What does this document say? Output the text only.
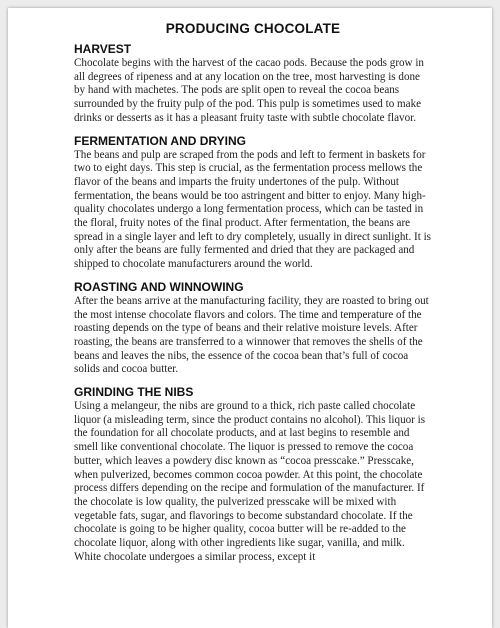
PRODUCING CHOCOLATE
HARVEST
Chocolate begins with the harvest of the cacao pods. Because the pods grow in all degrees of ripeness and at any location on the tree, most harvesting is done by hand with machetes. The pods are split open to reveal the cocoa beans surrounded by the fruity pulp of the pod. This pulp is sometimes used to make drinks or desserts as it has a pleasant fruity taste with subtle chocolate flavor.
FERMENTATION AND DRYING
The beans and pulp are scraped from the pods and left to ferment in baskets for two to eight days. This step is crucial, as the fermentation process mellows the flavor of the beans and imparts the fruity undertones of the pulp. Without fermentation, the beans would be too astringent and bitter to enjoy. Many high-quality chocolates undergo a long fermentation process, which can be tasted in the floral, fruity notes of the final product. After fermentation, the beans are spread in a single layer and left to dry completely, usually in direct sunlight. It is only after the beans are fully fermented and dried that they are packaged and shipped to chocolate manufacturers around the world.
ROASTING AND WINNOWING
After the beans arrive at the manufacturing facility, they are roasted to bring out the most intense chocolate flavors and colors. The time and temperature of the roasting depends on the type of beans and their relative moisture levels. After roasting, the beans are transferred to a winnower that removes the shells of the beans and leaves the nibs, the essence of the cocoa bean that’s full of cocoa solids and cocoa butter.
GRINDING THE NIBS
Using a melangeur, the nibs are ground to a thick, rich paste called chocolate liquor (a misleading term, since the product contains no alcohol). This liquor is the foundation for all chocolate products, and at last begins to resemble and smell like conventional chocolate. The liquor is pressed to remove the cocoa butter, which leaves a powdery disc known as “cocoa presscake.” Presscake, when pulverized, becomes common cocoa powder. At this point, the chocolate process differs depending on the recipe and formulation of the manufacturer. If the chocolate is low quality, the pulverized presscake will be mixed with vegetable fats, sugar, and flavorings to become substandard chocolate. If the chocolate is going to be higher quality, cocoa butter will be re-added to the chocolate liquor, along with other ingredients like sugar, vanilla, and milk. White chocolate undergoes a similar process, except it
